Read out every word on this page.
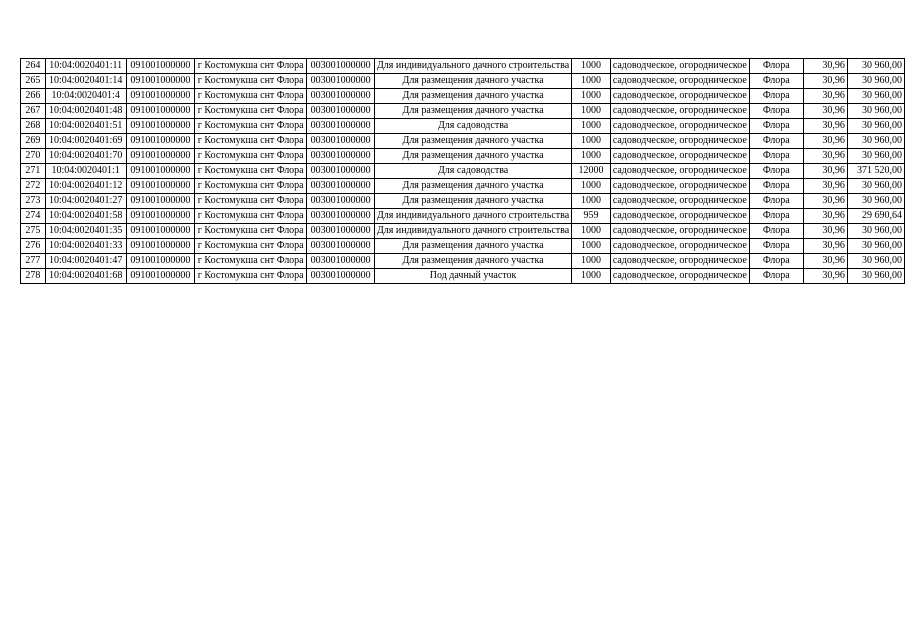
264	10:04:0020401:11	091001000000	г Костомукша снт Флора	003001000000	Для индивидуального дачного строительства	1000	садоводческое, огородническое	Флора	30,96	30 960,00
265	10:04:0020401:14	091001000000	г Костомукша снт Флора	003001000000	Для размещения дачного участка	1000	садоводческое, огородническое	Флора	30,96	30 960,00
266	10:04:0020401:4	091001000000	г Костомукша снт Флора	003001000000	Для размещения дачного участка	1000	садоводческое, огородническое	Флора	30,96	30 960,00
267	10:04:0020401:48	091001000000	г Костомукша снт Флора	003001000000	Для размещения дачного участка	1000	садоводческое, огородническое	Флора	30,96	30 960,00
268	10:04:0020401:51	091001000000	г Костомукша снт Флора	003001000000	Для садоводства	1000	садоводческое, огородническое	Флора	30,96	30 960,00
269	10:04:0020401:69	091001000000	г Костомукша снт Флора	003001000000	Для размещения дачного участка	1000	садоводческое, огородническое	Флора	30,96	30 960,00
270	10:04:0020401:70	091001000000	г Костомукша снт Флора	003001000000	Для размещения дачного участка	1000	садоводческое, огородническое	Флора	30,96	30 960,00
271	10:04:0020401:1	091001000000	г Костомукша снт Флора	003001000000	Для садоводства	12000	садоводческое, огородническое	Флора	30,96	371 520,00
272	10:04:0020401:12	091001000000	г Костомукша снт Флора	003001000000	Для размещения дачного участка	1000	садоводческое, огородническое	Флора	30,96	30 960,00
273	10:04:0020401:27	091001000000	г Костомукша снт Флора	003001000000	Для размещения дачного участка	1000	садоводческое, огородническое	Флора	30,96	30 960,00
274	10:04:0020401:58	091001000000	г Костомукша снт Флора	003001000000	Для индивидуального дачного строительства	959	садоводческое, огородническое	Флора	30,96	29 690,64
275	10:04:0020401:35	091001000000	г Костомукша снт Флора	003001000000	Для индивидуального дачного строительства	1000	садоводческое, огородническое	Флора	30,96	30 960,00
276	10:04:0020401:33	091001000000	г Костомукша снт Флора	003001000000	Для размещения дачного участка	1000	садоводческое, огородническое	Флора	30,96	30 960,00
277	10:04:0020401:47	091001000000	г Костомукша снт Флора	003001000000	Для размещения дачного участка	1000	садоводческое, огородническое	Флора	30,96	30 960,00
278	10:04:0020401:68	091001000000	г Костомукша снт Флора	003001000000	Под дачный участок	1000	садоводческое, огородническое	Флора	30,96	30 960,00
